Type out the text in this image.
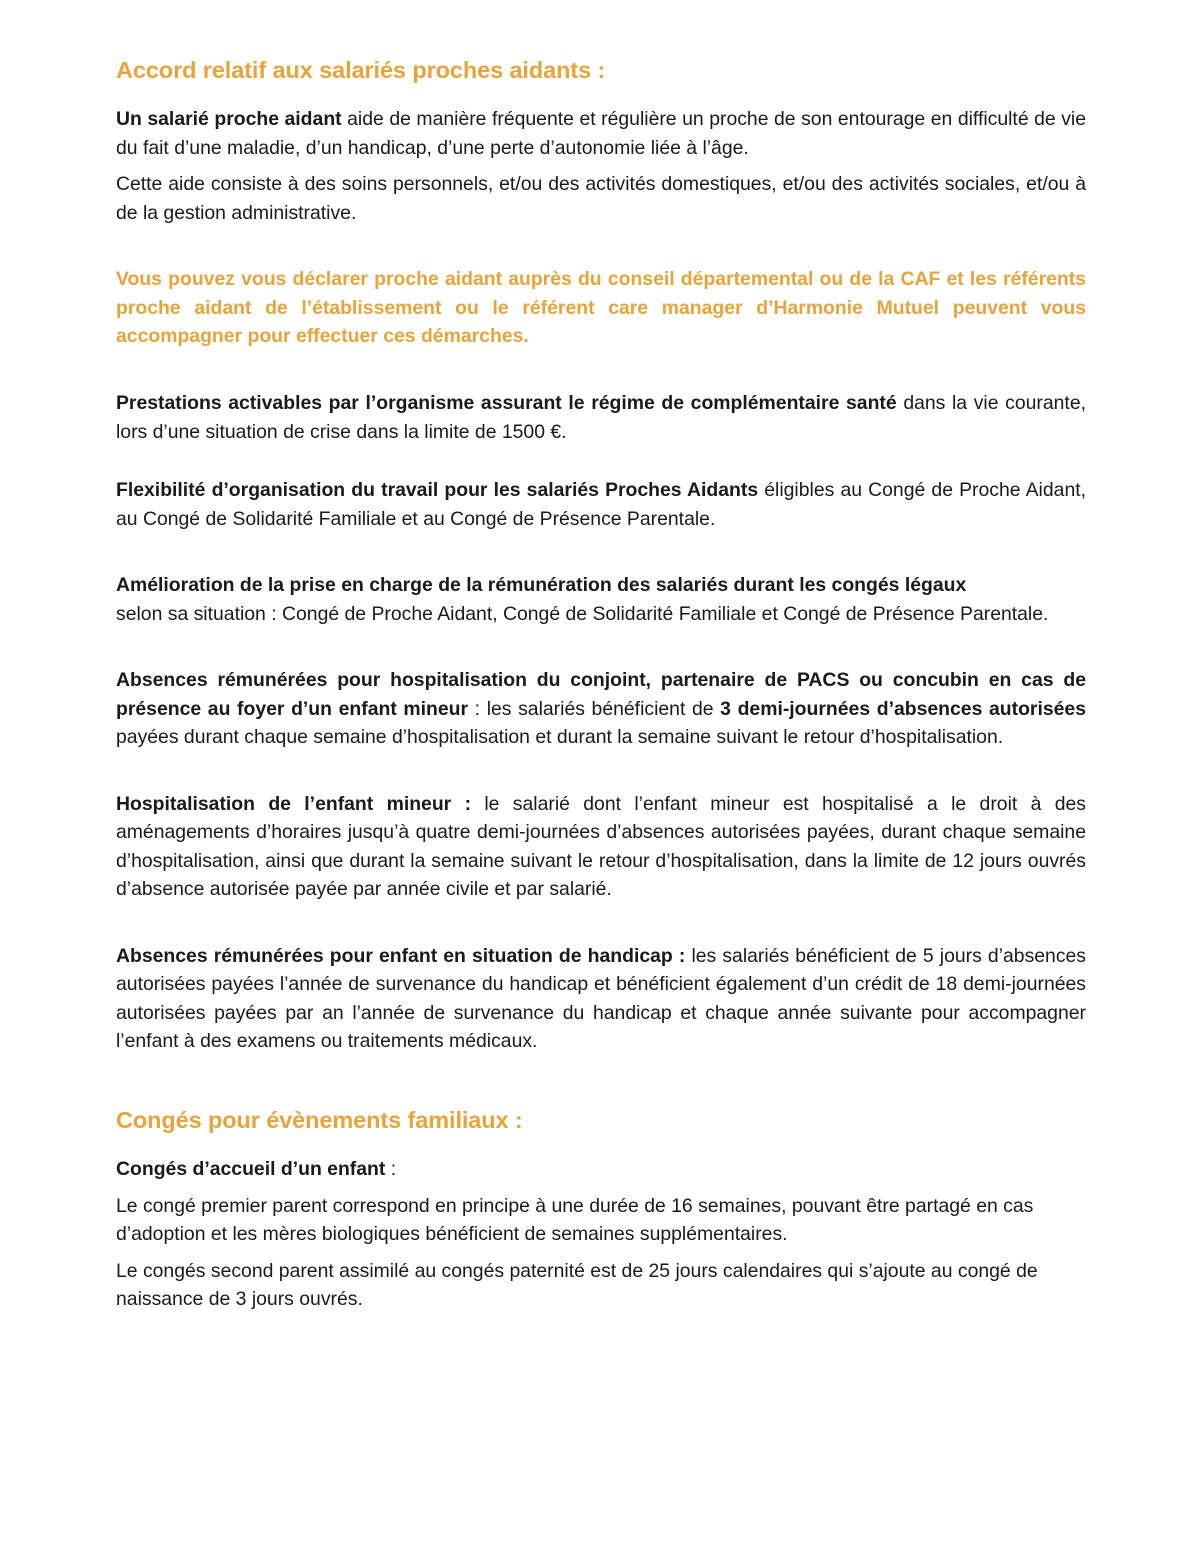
Accord relatif aux salariés proches aidants :

Un salarié proche aidant aide de manière fréquente et régulière un proche de son entourage en difficulté de vie du fait d’une maladie, d’un handicap, d’une perte d’autonomie liée à l’âge.

Cette aide consiste à des soins personnels, et/ou des activités domestiques, et/ou des activités sociales, et/ou à de la gestion administrative.

Vous pouvez vous déclarer proche aidant auprès du conseil départemental ou de la CAF et les référents proche aidant de l’établissement ou le référent care manager d’Harmonie Mutuel peuvent vous accompagner pour effectuer ces démarches.

Prestations activables par l’organisme assurant le régime de complémentaire santé dans la vie courante, lors d’une situation de crise dans la limite de 1500 €.

Flexibilité d’organisation du travail pour les salariés Proches Aidants éligibles au Congé de Proche Aidant, au Congé de Solidarité Familiale et au Congé de Présence Parentale.

Amélioration de la prise en charge de la rémunération des salariés durant les congés légaux

selon sa situation : Congé de Proche Aidant, Congé de Solidarité Familiale et Congé de Présence Parentale.

Absences rémunérées pour hospitalisation du conjoint, partenaire de PACS ou concubin en cas de présence au foyer d’un enfant mineur : les salariés bénéficient de 3 demi-journées d’absences autorisées payées durant chaque semaine d’hospitalisation et durant la semaine suivant le retour d’hospitalisation.

Hospitalisation de l’enfant mineur : le salarié dont l’enfant mineur est hospitalisé a le droit à des aménagements d’horaires jusqu’à quatre demi-journées d’absences autorisées payées, durant chaque semaine d’hospitalisation, ainsi que durant la semaine suivant le retour d’hospitalisation, dans la limite de 12 jours ouvrés d’absence autorisée payée par année civile et par salarié.

Absences rémunérées pour enfant en situation de handicap : les salariés bénéficient de 5 jours d’absences autorisées payées l’année de survenance du handicap et bénéficient également d’un crédit de 18 demi-journées autorisées payées par an l’année de survenance du handicap et chaque année suivante pour accompagner l’enfant à des examens ou traitements médicaux.

Congés pour évènements familiaux :

Congés d’accueil d’un enfant :

Le congé premier parent correspond en principe à une durée de 16 semaines, pouvant être partagé en cas d’adoption et les mères biologiques bénéficient de semaines supplémentaires.

Le congés second parent assimilé au congés paternité est de 25 jours calendaires qui s’ajoute au congé de naissance de 3 jours ouvrés.
